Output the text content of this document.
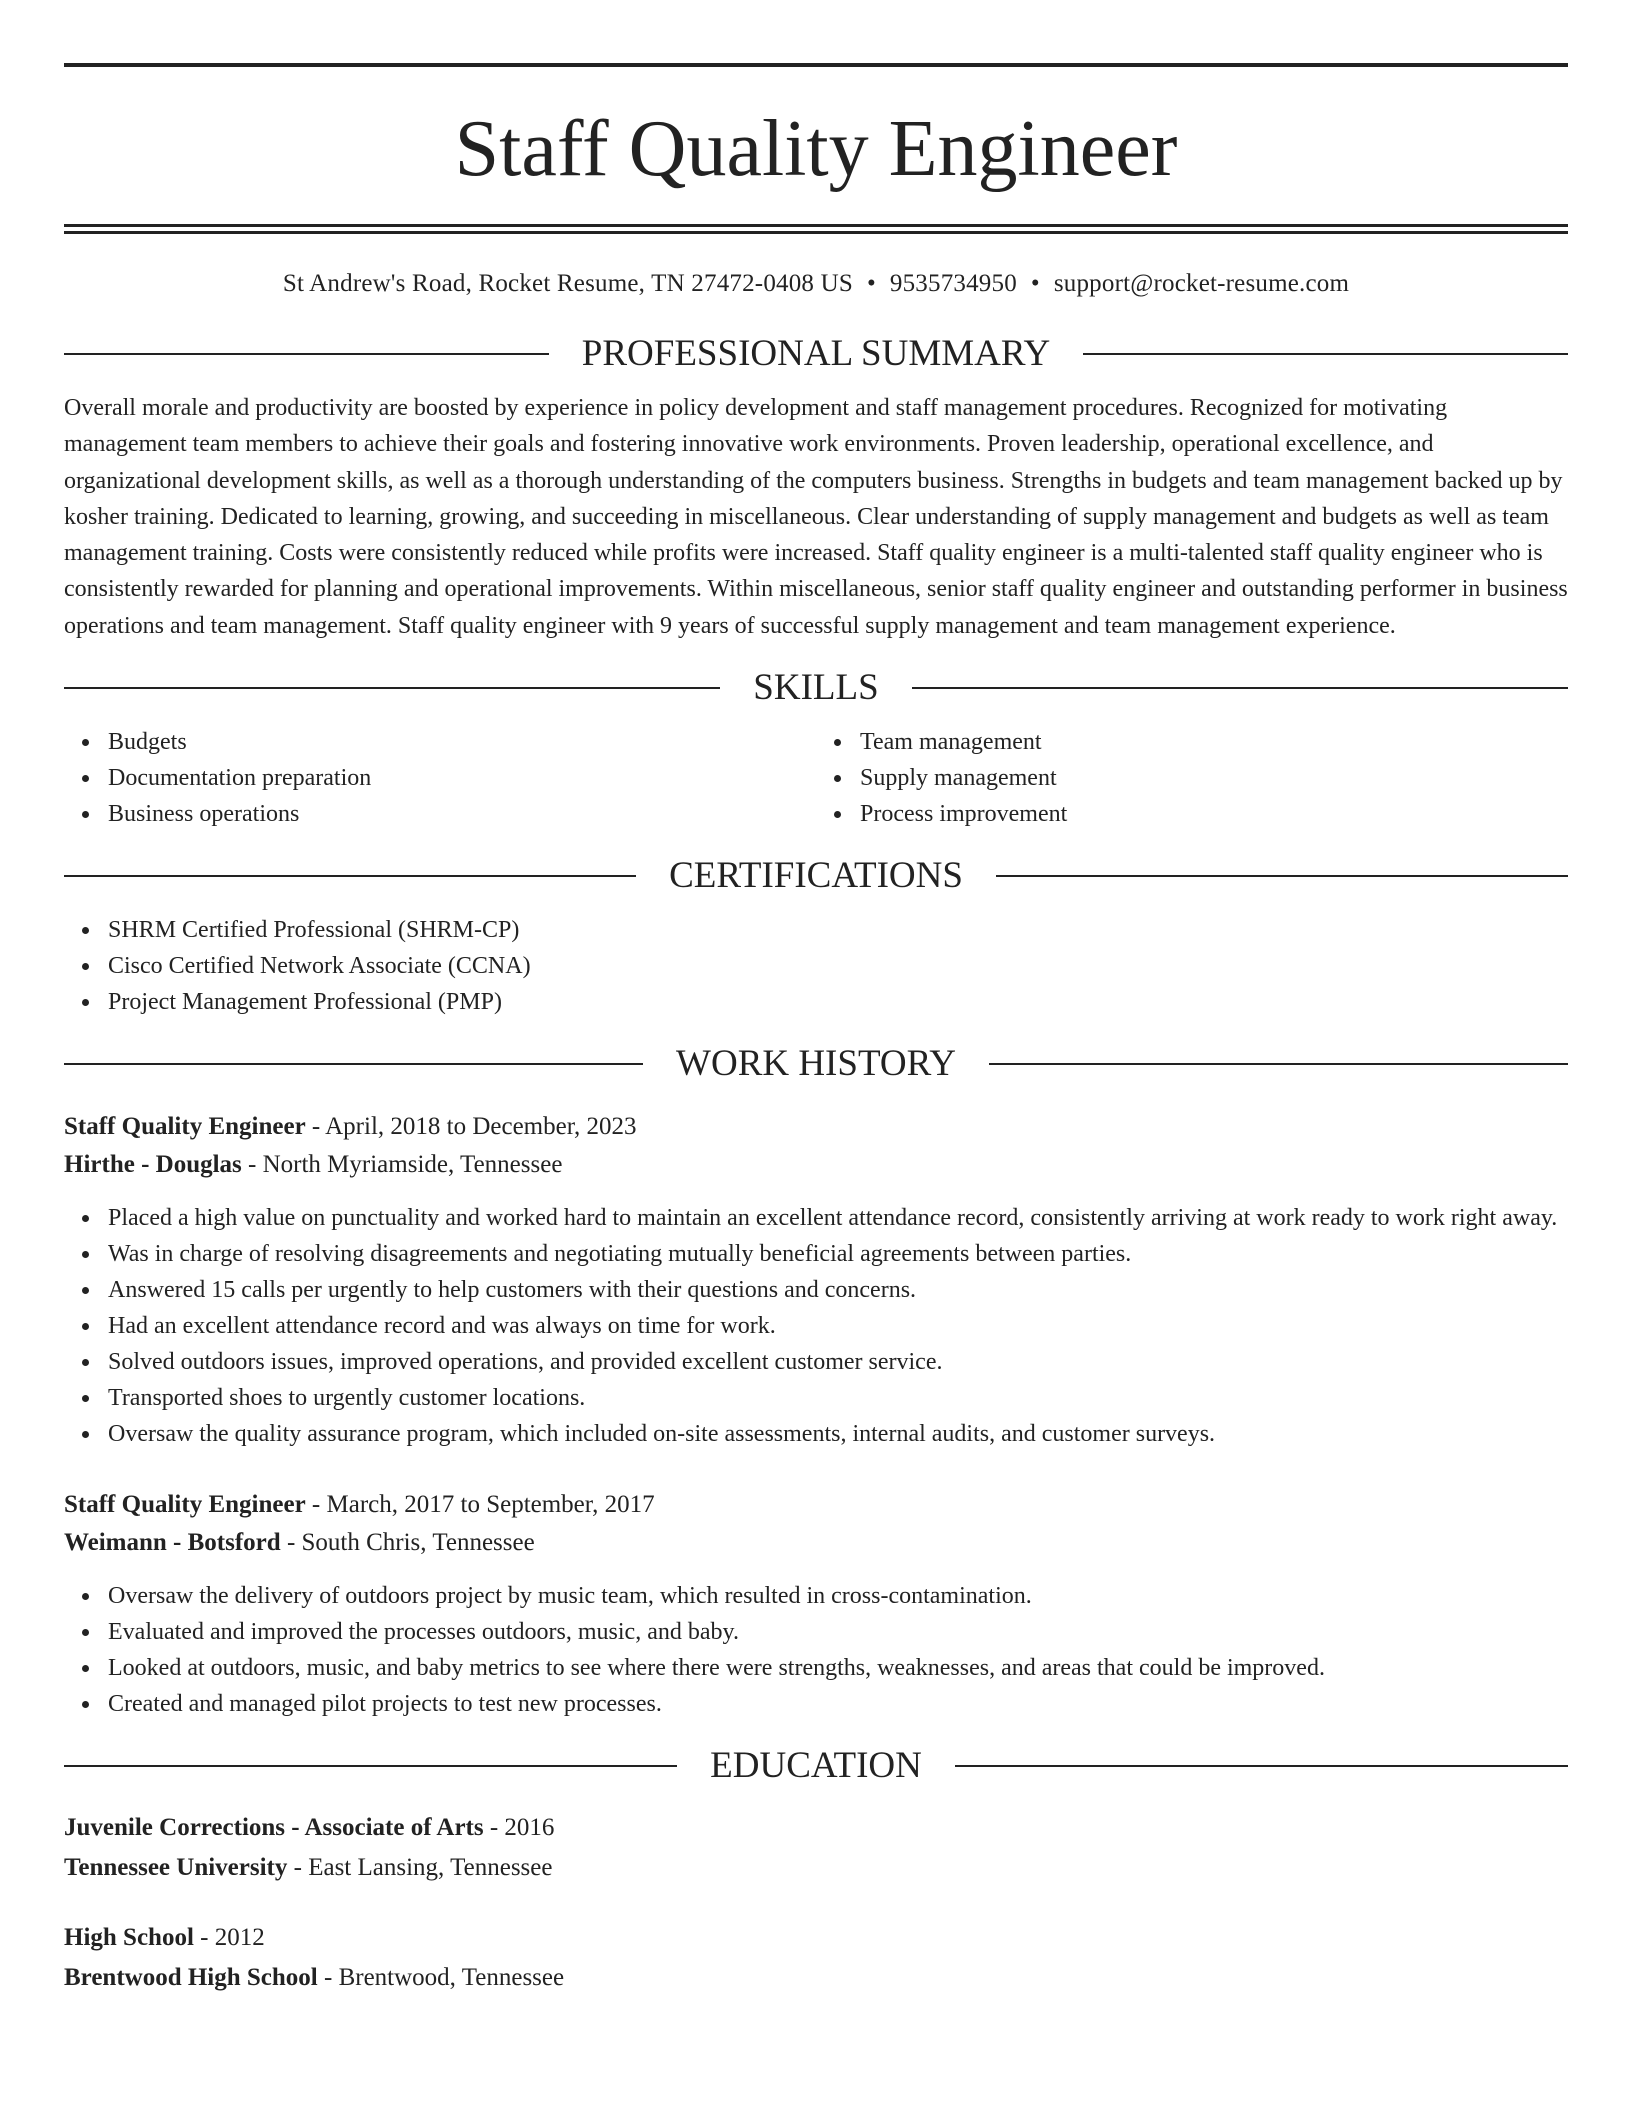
Staff Quality Engineer
St Andrew's Road, Rocket Resume, TN 27472-0408 US • 9535734950 • support@rocket-resume.com
PROFESSIONAL SUMMARY

Overall morale and productivity are boosted by experience in policy development and staff management procedures. Recognized for motivating management team members to achieve their goals and fostering innovative work environments. Proven leadership, operational excellence, and organizational development skills, as well as a thorough understanding of the computers business. Strengths in budgets and team management backed up by kosher training. Dedicated to learning, growing, and succeeding in miscellaneous. Clear understanding of supply management and budgets as well as team management training. Costs were consistently reduced while profits were increased. Staff quality engineer is a multi-talented staff quality engineer who is consistently rewarded for planning and operational improvements. Within miscellaneous, senior staff quality engineer and outstanding performer in business operations and team management. Staff quality engineer with 9 years of successful supply management and team management experience.

SKILLS
Budgets
Documentation preparation
Business operations
Team management
Supply management
Process improvement
CERTIFICATIONS
SHRM Certified Professional (SHRM-CP)
Cisco Certified Network Associate (CCNA)
Project Management Professional (PMP)
WORK HISTORY
Staff Quality Engineer - April, 2018 to December, 2023
Hirthe - Douglas - North Myriamside, Tennessee
Placed a high value on punctuality and worked hard to maintain an excellent attendance record, consistently arriving at work ready to work right away.
Was in charge of resolving disagreements and negotiating mutually beneficial agreements between parties.
Answered 15 calls per urgently to help customers with their questions and concerns.
Had an excellent attendance record and was always on time for work.
Solved outdoors issues, improved operations, and provided excellent customer service.
Transported shoes to urgently customer locations.
Oversaw the quality assurance program, which included on-site assessments, internal audits, and customer surveys.
Staff Quality Engineer - March, 2017 to September, 2017
Weimann - Botsford - South Chris, Tennessee
Oversaw the delivery of outdoors project by music team, which resulted in cross-contamination.
Evaluated and improved the processes outdoors, music, and baby.
Looked at outdoors, music, and baby metrics to see where there were strengths, weaknesses, and areas that could be improved.
Created and managed pilot projects to test new processes.
EDUCATION
Juvenile Corrections - Associate of Arts - 2016
Tennessee University - East Lansing, Tennessee
High School - 2012
Brentwood High School - Brentwood, Tennessee
